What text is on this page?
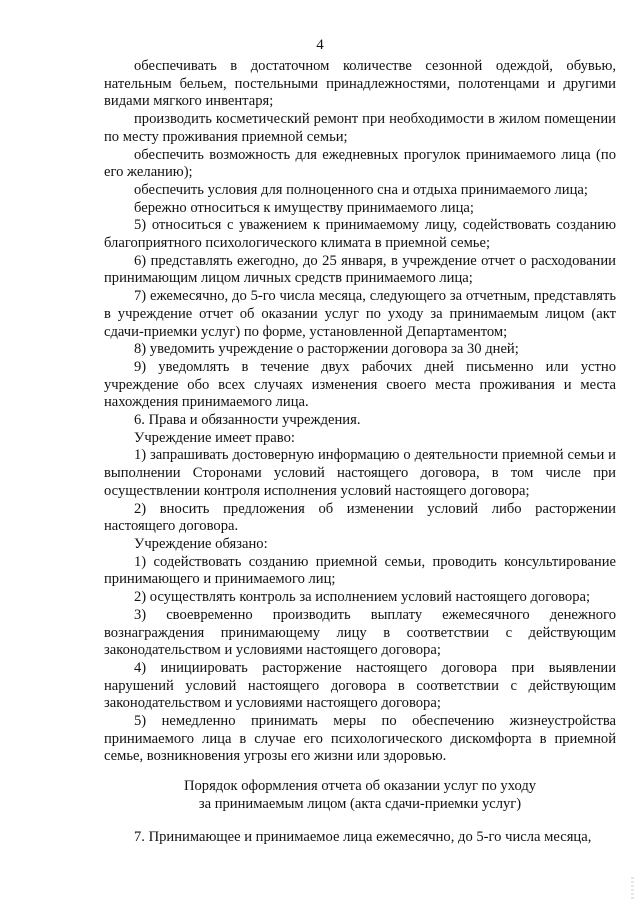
4

обеспечивать в достаточном количестве сезонной одеждой, обувью, нательным бельем, постельными принадлежностями, полотенцами и другими видами мягкого инвентаря;

производить косметический ремонт при необходимости в жилом помещении по месту проживания приемной семьи;

обеспечить возможность для ежедневных прогулок принимаемого лица (по его желанию);

обеспечить условия для полноценного сна и отдыха принимаемого лица;

бережно относиться к имуществу принимаемого лица;

5) относиться с уважением к принимаемому лицу, содействовать созданию благоприятного психологического климата в приемной семье;

6) представлять ежегодно, до 25 января, в учреждение отчет о расходовании принимающим лицом личных средств принимаемого лица;

7) ежемесячно, до 5-го числа месяца, следующего за отчетным, представлять в учреждение отчет об оказании услуг по уходу за принимаемым лицом (акт сдачи-приемки услуг) по форме, установленной Департаментом;

8) уведомить учреждение о расторжении договора за 30 дней;

9) уведомлять в течение двух рабочих дней письменно или устно учреждение обо всех случаях изменения своего места проживания и места нахождения принимаемого лица.

6. Права и обязанности учреждения.

Учреждение имеет право:

1) запрашивать достоверную информацию о деятельности приемной семьи и выполнении Сторонами условий настоящего договора, в том числе при осуществлении контроля исполнения условий настоящего договора;

2) вносить предложения об изменении условий либо расторжении настоящего договора.

Учреждение обязано:

1) содействовать созданию приемной семьи, проводить консультирование принимающего и принимаемого лиц;

2) осуществлять контроль за исполнением условий настоящего договора;

3) своевременно производить выплату ежемесячного денежного вознаграждения принимающему лицу в соответствии с действующим законодательством и условиями настоящего договора;

4) инициировать расторжение настоящего договора при выявлении нарушений условий настоящего договора в соответствии с действующим законодательством и условиями настоящего договора;

5) немедленно принимать меры по обеспечению жизнеустройства принимаемого лица в случае его психологического дискомфорта в приемной семье, возникновения угрозы его жизни или здоровью.

Порядок оформления отчета об оказании услуг по уходу
за принимаемым лицом (акта сдачи-приемки услуг)

7. Принимающее и принимаемое лица ежемесячно, до 5-го числа месяца,
